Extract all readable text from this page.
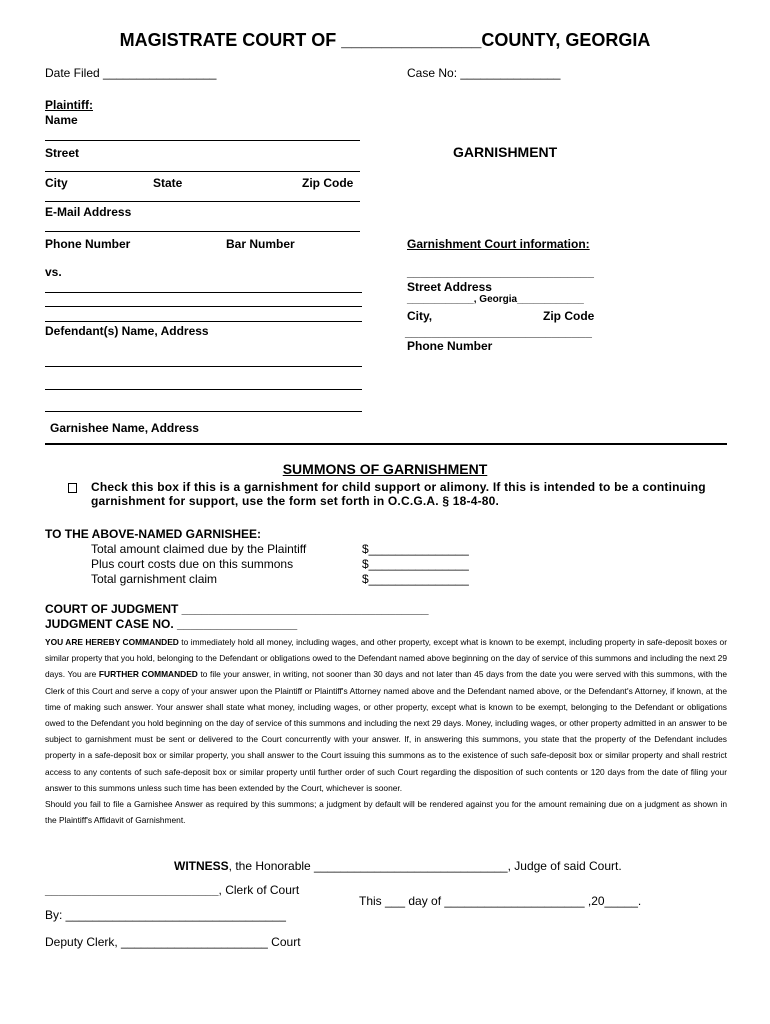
MAGISTRATE COURT OF ______________COUNTY, GEORGIA
Date Filed _________________	Case No: _______________
Plaintiff:
Name
Street
City	State	Zip Code
E-Mail Address
Phone Number	Bar Number
GARNISHMENT
Garnishment Court information:
____________________________
Street Address
____________, Georgia____________
City,	Zip Code
____________________________
Phone Number
vs.
Defendant(s) Name, Address
Garnishee Name, Address
SUMMONS OF GARNISHMENT
Check this box if this is a garnishment for child support or alimony. If this is intended to be a continuing
garnishment for support, use the form set forth in O.C.G.A. § 18-4-80.
TO THE ABOVE-NAMED GARNISHEE:
Total amount claimed due by the Plaintiff	$_______________
Plus court costs due on this summons	$_______________
Total garnishment claim	$_______________
COURT OF JUDGMENT _____________________________________
JUDGMENT CASE NO. __________________

YOU ARE HEREBY COMMANDED to immediately hold all money, including wages, and other property, except what is known to be exempt, including property in safe-deposit boxes or similar property that you hold, belonging to the Defendant or obligations owed to the Defendant named above beginning on the day of service of this summons and including the next 29 days. You are FURTHER COMMANDED to file your answer, in writing, not sooner than 30 days and not later than 45 days from the date you were served with this summons, with the Clerk of this Court and serve a copy of your answer upon the Plaintiff or Plaintiff's Attorney named above and the Defendant named above, or the Defendant's Attorney, if known, at the time of making such answer. Your answer shall state what money, including wages, or other property, except what is known to be exempt, belonging to the Defendant or obligations owed to the Defendant you hold beginning on the day of service of this summons and including the next 29 days. Money, including wages, or other property admitted in an answer to be subject to garnishment must be sent or delivered to the Court concurrently with your answer. If, in answering this summons, you state that the property of the Defendant includes property in a safe-deposit box or similar property, you shall answer to the Court issuing this summons as to the existence of such safe-deposit box or similar property and shall restrict access to any contents of such safe-deposit box or similar property until further order of such Court regarding the disposition of such contents or 120 days from the date of filing your answer to this summons unless such time has been extended by the Court, whichever is sooner.

Should you fail to file a Garnishee Answer as required by this summons; a judgment by default will be rendered against you for the amount remaining due on a judgment as shown in the Plaintiff's Affidavit of Garnishment.

WITNESS, the Honorable _____________________________, Judge of said Court.
__________________________, Clerk of Court
This ___ day of _____________________ ,20_____.
By: _________________________________
Deputy Clerk, ______________________ Court
